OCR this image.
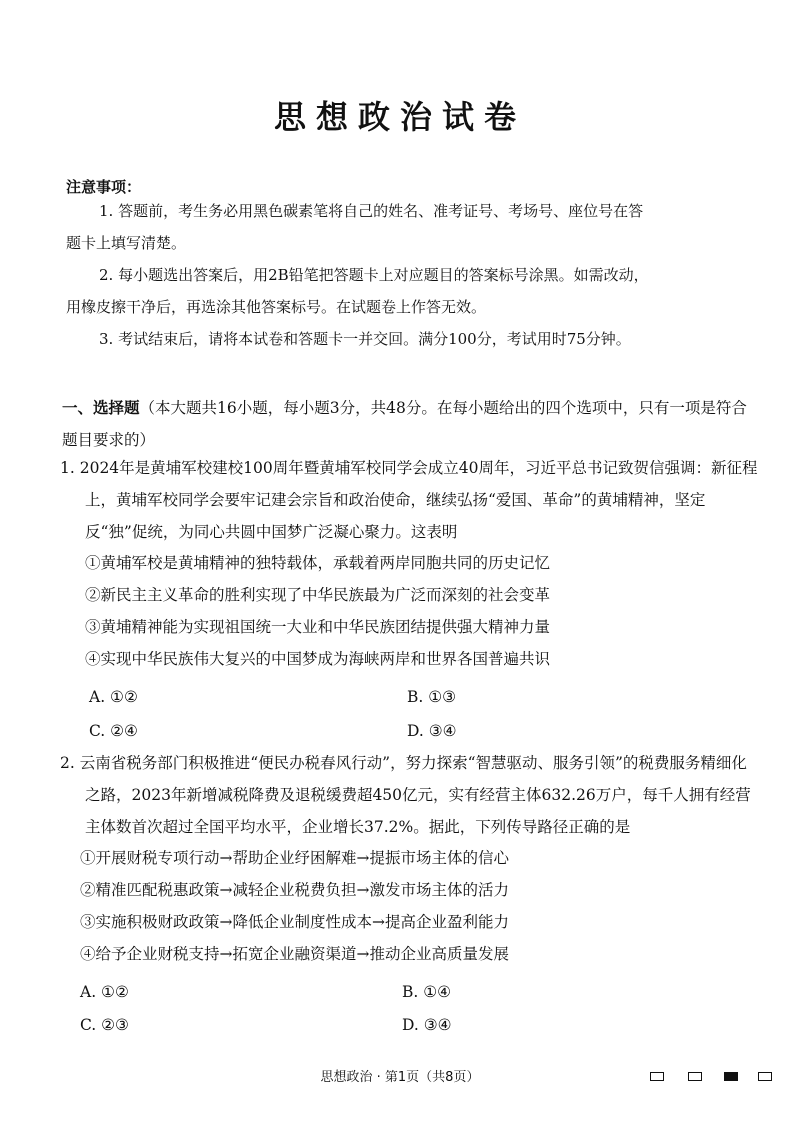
思想政治试卷
注意事项：
1. 答题前，考生务必用黑色碳素笔将自己的姓名、准考证号、考场号、座位号在答
题卡上填写清楚。
2. 每小题选出答案后，用2B铅笔把答题卡上对应题目的答案标号涂黑。如需改动，
用橡皮擦干净后，再选涂其他答案标号。在试题卷上作答无效。
3. 考试结束后，请将本试卷和答题卡一并交回。满分100分，考试用时75分钟。
一、选择题（本大题共16小题，每小题3分，共48分。在每小题给出的四个选项中，只有一项是符合题目要求的）
1. 2024年是黄埔军校建校100周年暨黄埔军校同学会成立40周年，习近平总书记致贺信强调：新征程上，黄埔军校同学会要牢记建会宗旨和政治使命，继续弘扬“爱国、革命”的黄埔精神，坚定反“独”促统，为同心共圆中国梦广泛凝心聚力。这表明
①黄埔军校是黄埔精神的独特载体，承载着两岸同胞共同的历史记忆
②新民主主义革命的胜利实现了中华民族最为广泛而深刻的社会变革
③黄埔精神能为实现祖国统一大业和中华民族团结提供强大精神力量
④实现中华民族伟大复兴的中国梦成为海峡两岸和世界各国普遍共识
A. ①②	B. ①③
C. ②④	D. ③④
2. 云南省税务部门积极推进“便民办税春风行动”，努力探索“智慧驱动、服务引领”的税费服务精细化之路，2023年新增减税降费及退税缓费超450亿元，实有经营主体632.26万户，每千人拥有经营主体数首次超过全国平均水平，企业增长37.2%。据此，下列传导路径正确的是
①开展财税专项行动→帮助企业纾困解难→提振市场主体的信心
②精准匹配税惠政策→减轻企业税费负担→激发市场主体的活力
③实施积极财政政策→降低企业制度性成本→提高企业盈利能力
④给予企业财税支持→拓宽企业融资渠道→推动企业高质量发展
A. ①②	B. ①④
C. ②③	D. ③④
思想政治 · 第1页（共8页）
